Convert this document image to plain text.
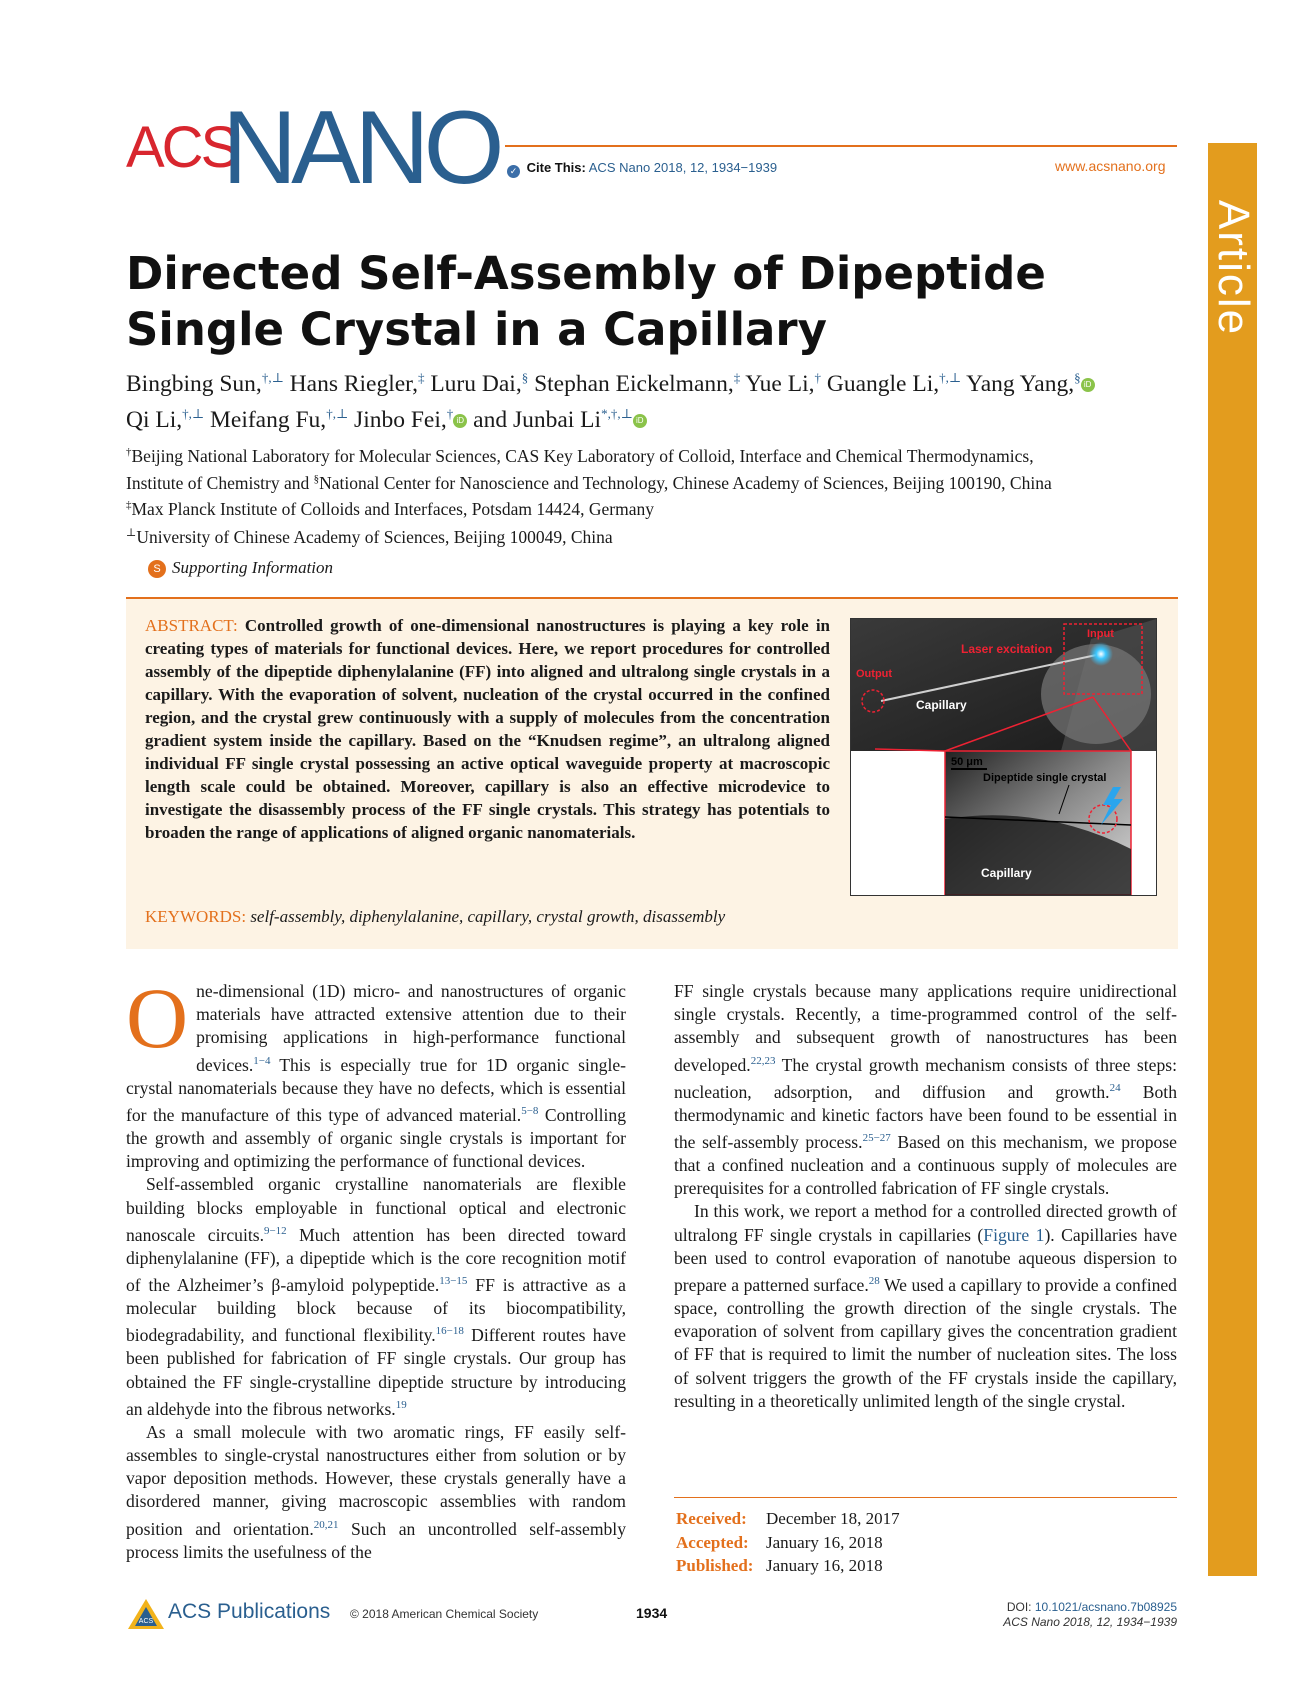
ACS
NANO	✓ Cite This: ACS Nano 2018, 12, 1934−1939	www.acsnano.org
Article
Directed Self-Assembly of Dipeptide Single Crystal in a Capillary

Bingbing Sun,†,⊥ Hans Riegler,‡ Luru Dai,§ Stephan Eickelmann,‡ Yue Li,† Guangle Li,†,⊥ Yang Yang,§ iD
Qi Li,†,⊥ Meifang Fu,†,⊥ Jinbo Fei,† iD and Junbai Li*,†,⊥ iD

†Beijing National Laboratory for Molecular Sciences, CAS Key Laboratory of Colloid, Interface and Chemical Thermodynamics,
Institute of Chemistry and §National Center for Nanoscience and Technology, Chinese Academy of Sciences, Beijing 100190, China

‡Max Planck Institute of Colloids and Interfaces, Potsdam 14424, Germany

⊥University of Chinese Academy of Sciences, Beijing 100049, China

S Supporting Information

ABSTRACT: Controlled growth of one-dimensional nanostructures is playing a key role in creating types of materials for functional devices. Here, we report procedures for controlled assembly of the dipeptide diphenylalanine (FF) into aligned and ultralong single crystals in a capillary. With the evaporation of solvent, nucleation of the crystal occurred in the confined region, and the crystal grew continuously with a supply of molecules from the concentration gradient system inside the capillary. Based on the “Knudsen regime”, an ultralong aligned individual FF single crystal possessing an active optical waveguide property at macroscopic length scale could be obtained. Moreover, capillary is also an effective microdevice to investigate the disassembly process of the FF single crystals. This strategy has potentials to broaden the range of applications of aligned organic nanomaterials.

Input
Laser excitation
Output
Capillary
50 μm
Dipeptide single crystal
Capillary
KEYWORDS: self-assembly, diphenylalanine, capillary, crystal growth, disassembly

One-dimensional (1D) micro- and nanostructures of organic materials have attracted extensive attention due to their promising applications in high-performance functional devices.$^{1-4}$ This is especially true for 1D organic single-crystal nanomaterials because they have no defects, which is essential for the manufacture of this type of advanced material.$^{5-8}$ Controlling the growth and assembly of organic single crystals is important for improving and optimizing the performance of functional devices.

Self-assembled organic crystalline nanomaterials are flexible building blocks employable in functional optical and electronic nanoscale circuits.$^{9-12}$ Much attention has been directed toward diphenylalanine (FF), a dipeptide which is the core recognition motif of the Alzheimer’s β-amyloid polypeptide.$^{13-15}$ FF is attractive as a molecular building block because of its biocompatibility, biodegradability, and functional flexibility.$^{16-18}$ Different routes have been published for fabrication of FF single crystals. Our group has obtained the FF single-crystalline dipeptide structure by introducing an aldehyde into the fibrous networks.$^{19}$

As a small molecule with two aromatic rings, FF easily self-assembles to single-crystal nanostructures either from solution or by vapor deposition methods. However, these crystals generally have a disordered manner, giving macroscopic assemblies with random position and orientation.$^{20,21}$ Such an uncontrolled self-assembly process limits the usefulness of the

FF single crystals because many applications require unidirectional single crystals. Recently, a time-programmed control of the self-assembly and subsequent growth of nanostructures has been developed.$^{22,23}$ The crystal growth mechanism consists of three steps: nucleation, adsorption, and diffusion and growth.$^{24}$ Both thermodynamic and kinetic factors have been found to be essential in the self-assembly process.$^{25-27}$ Based on this mechanism, we propose that a confined nucleation and a continuous supply of molecules are prerequisites for a controlled fabrication of FF single crystals.

In this work, we report a method for a controlled directed growth of ultralong FF single crystals in capillaries (Figure 1). Capillaries have been used to control evaporation of nanotube aqueous dispersion to prepare a patterned surface.$^{28}$ We used a capillary to provide a confined space, controlling the growth direction of the single crystals. The evaporation of solvent from capillary gives the concentration gradient of FF that is required to limit the number of nucleation sites. The loss of solvent triggers the growth of the FF crystals inside the capillary, resulting in a theoretically unlimited length of the single crystal.

Received: December 18, 2017
Accepted: January 16, 2018
Published: January 16, 2018
ACS ACS Publications © 2018 American Chemical Society	1934	DOI: 10.1021/acsnano.7b08925
ACS Nano 2018, 12, 1934−1939
